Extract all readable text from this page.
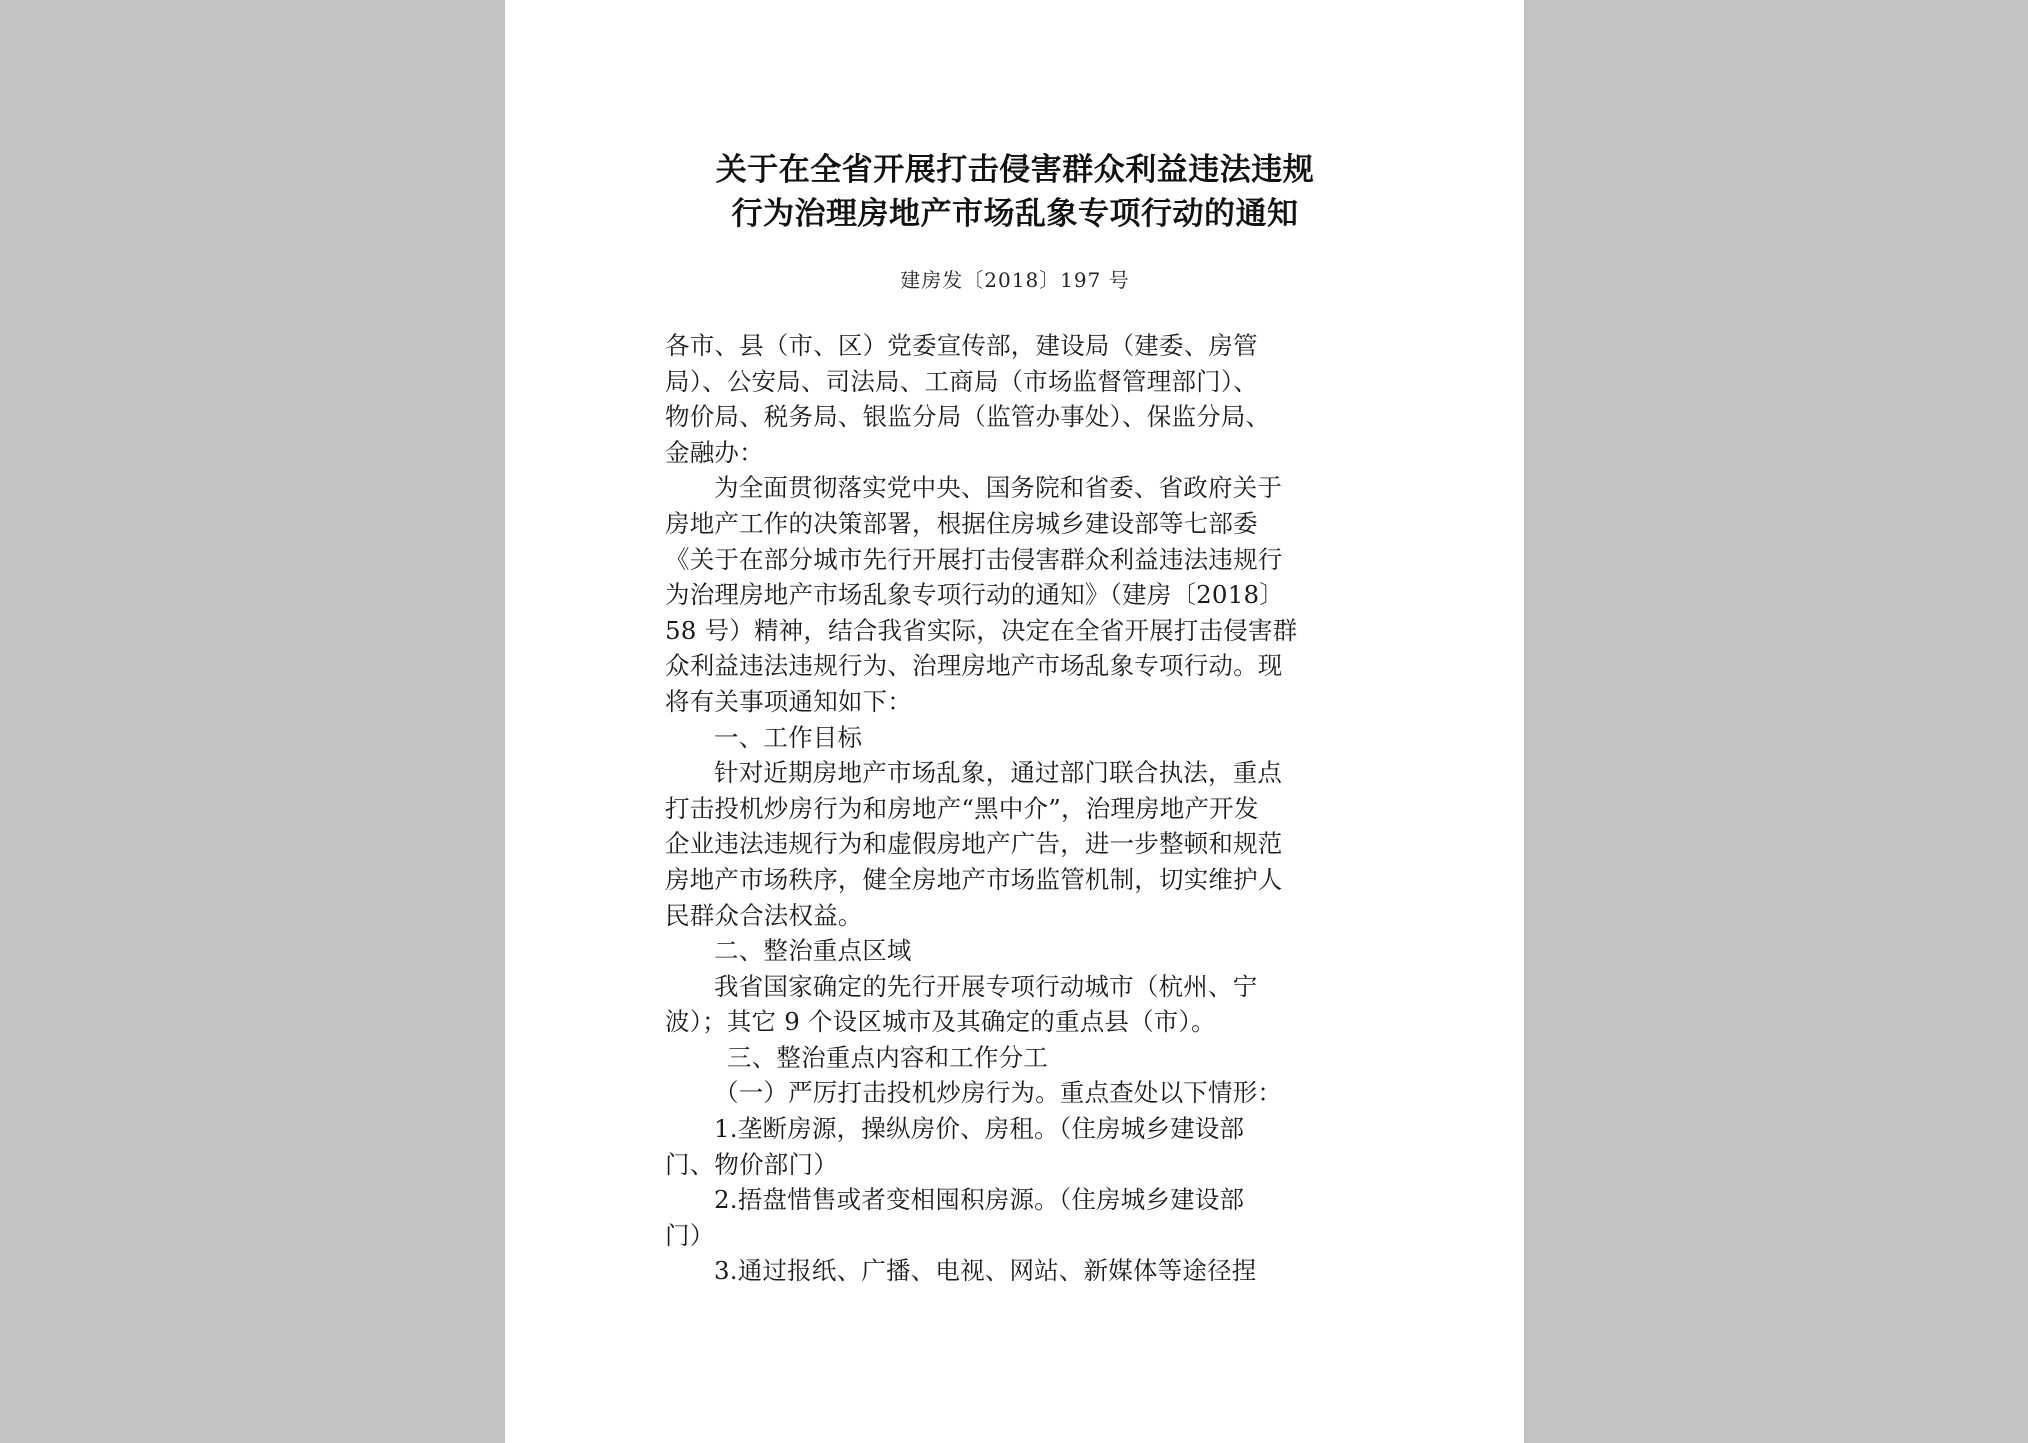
关于在全省开展打击侵害群众利益违法违规
行为治理房地产市场乱象专项行动的通知
建房发〔2018〕197 号
各市、县（市、区）党委宣传部，建设局（建委、房管
局）、公安局、司法局、工商局（市场监督管理部门）、
物价局、税务局、银监分局（监管办事处）、保监分局、
金融办：
为全面贯彻落实党中央、国务院和省委、省政府关于
房地产工作的决策部署，根据住房城乡建设部等七部委
《关于在部分城市先行开展打击侵害群众利益违法违规行
为治理房地产市场乱象专项行动的通知》（建房〔2018〕
58 号）精神，结合我省实际，决定在全省开展打击侵害群
众利益违法违规行为、治理房地产市场乱象专项行动。现
将有关事项通知如下：
一、工作目标
针对近期房地产市场乱象，通过部门联合执法，重点
打击投机炒房行为和房地产“黑中介”，治理房地产开发
企业违法违规行为和虚假房地产广告，进一步整顿和规范
房地产市场秩序，健全房地产市场监管机制，切实维护人
民群众合法权益。
二、整治重点区域
我省国家确定的先行开展专项行动城市（杭州、宁
波）；其它 9 个设区城市及其确定的重点县（市）。
三、整治重点内容和工作分工
（一）严厉打击投机炒房行为。重点查处以下情形：
1.垄断房源，操纵房价、房租。（住房城乡建设部
门、物价部门）
2.捂盘惜售或者变相囤积房源。（住房城乡建设部
门）
3.通过报纸、广播、电视、网站、新媒体等途径捏
